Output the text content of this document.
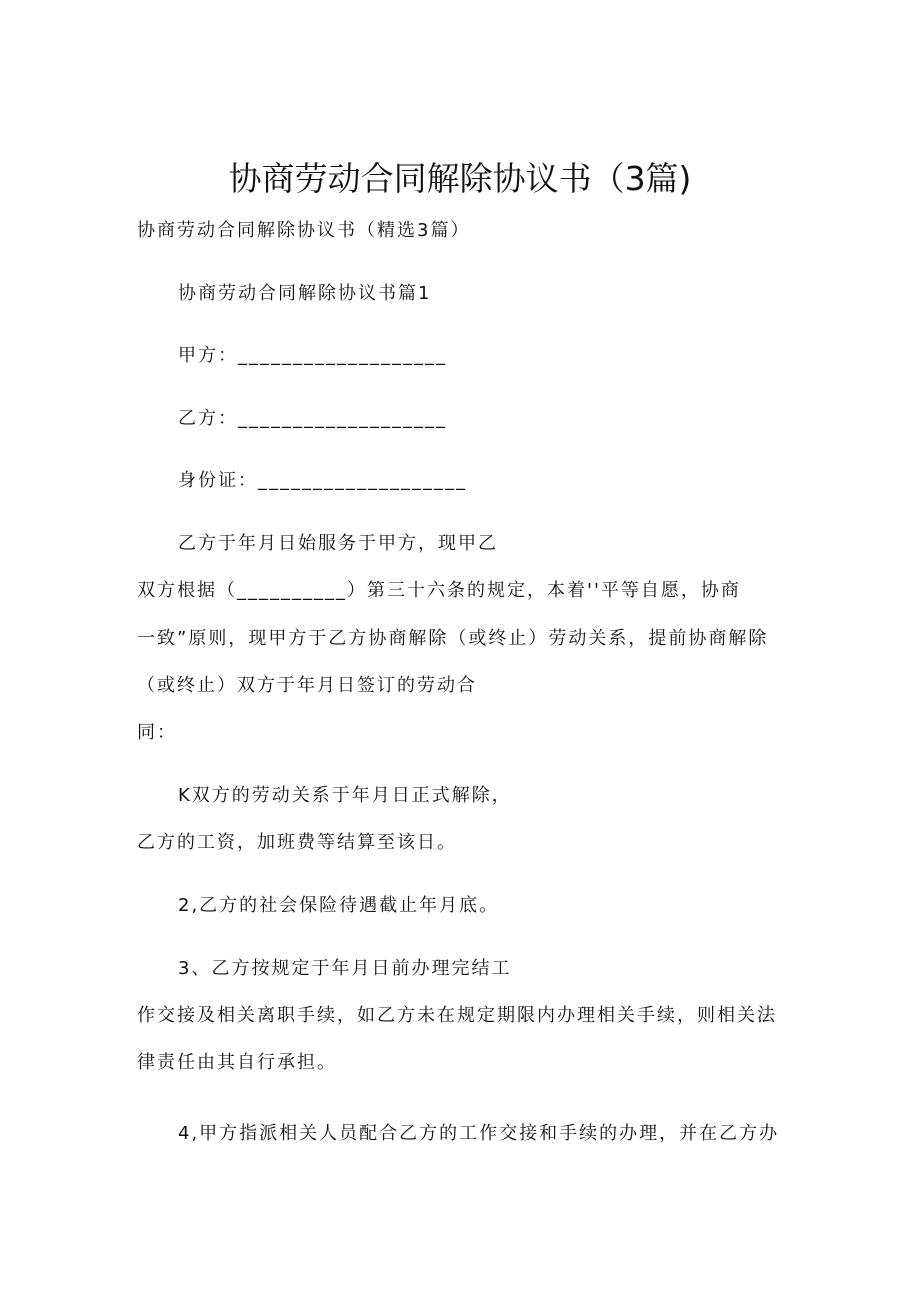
协商劳动合同解除协议书（3篇)
协商劳动合同解除协议书（精选3篇）
协商劳动合同解除协议书篇1
甲方：___________________
乙方：___________________
身份证：___________________
乙方于年月日始服务于甲方，现甲乙
双方根据（__________）第三十六条的规定，本着''平等自愿，协商
一致”原则，现甲方于乙方协商解除（或终止）劳动关系，提前协商解除
（或终止）双方于年月日签订的劳动合
同：
K双方的劳动关系于年月日正式解除，
乙方的工资，加班费等结算至该日。
2,乙方的社会保险待遇截止年月底。
3、乙方按规定于年月日前办理完结工
作交接及相关离职手续，如乙方未在规定期限内办理相关手续，则相关法
律责任由其自行承担。
4,甲方指派相关人员配合乙方的工作交接和手续的办理，并在乙方办
